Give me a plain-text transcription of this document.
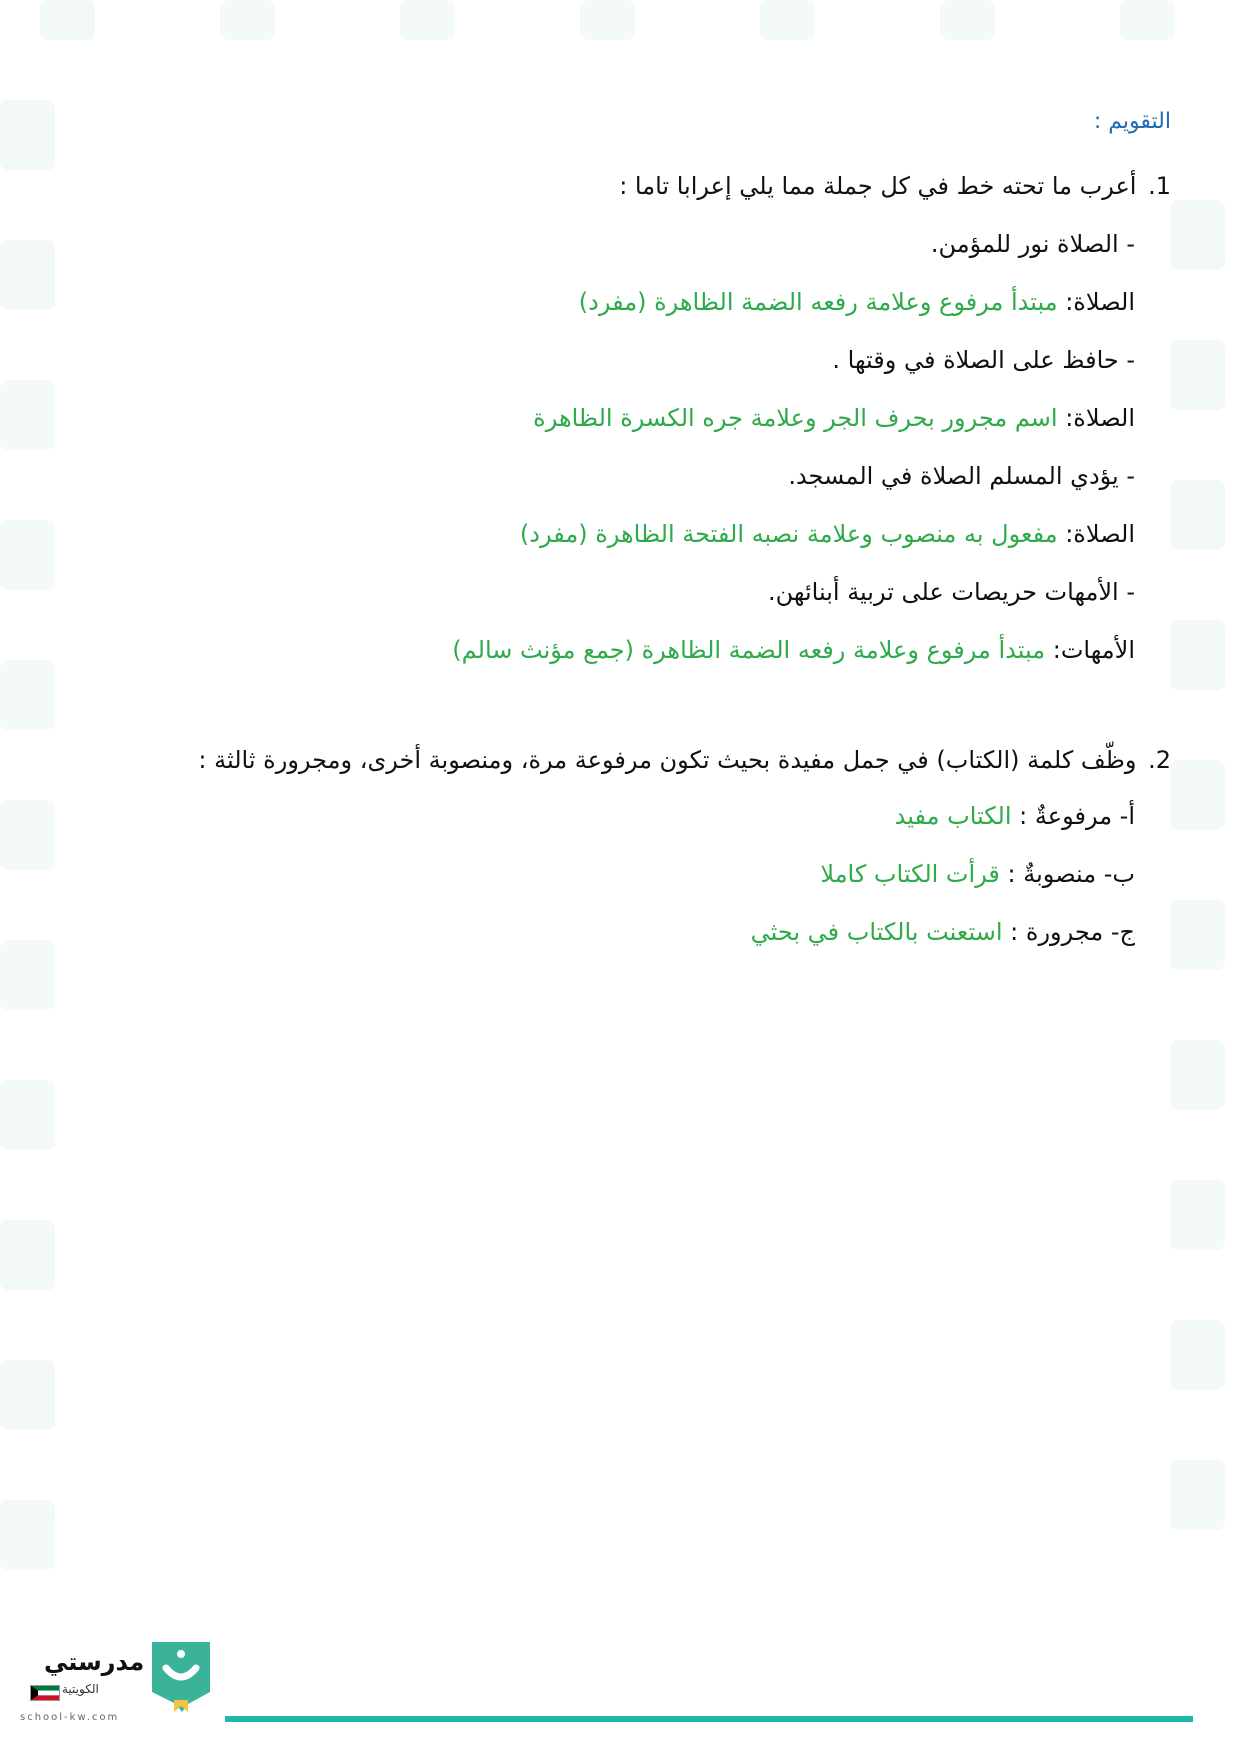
التقويم :
1. أعرب ما تحته خط في كل جملة مما يلي إعرابا تاما :
- الصلاة نور للمؤمن.
الصلاة: مبتدأ مرفوع وعلامة رفعه الضمة الظاهرة (مفرد)
- حافظ على الصلاة في وقتها .
الصلاة: اسم مجرور بحرف الجر وعلامة جره الكسرة الظاهرة
- يؤدي المسلم الصلاة في المسجد.
الصلاة: مفعول به منصوب وعلامة نصبه الفتحة الظاهرة (مفرد)
- الأمهات حريصات على تربية أبنائهن.
الأمهات: مبتدأ مرفوع وعلامة رفعه الضمة الظاهرة (جمع مؤنث سالم)
2. وظّف كلمة (الكتاب) في جمل مفيدة بحيث تكون مرفوعة مرة، ومنصوبة أخرى، ومجرورة ثالثة :
أ- مرفوعةٌ : الكتاب مفيد
ب- منصوبةٌ : قرأت الكتاب كاملا
ج- مجرورة : استعنت بالكتاب في بحثي
مدرستي
الكويتية
school-kw.com
